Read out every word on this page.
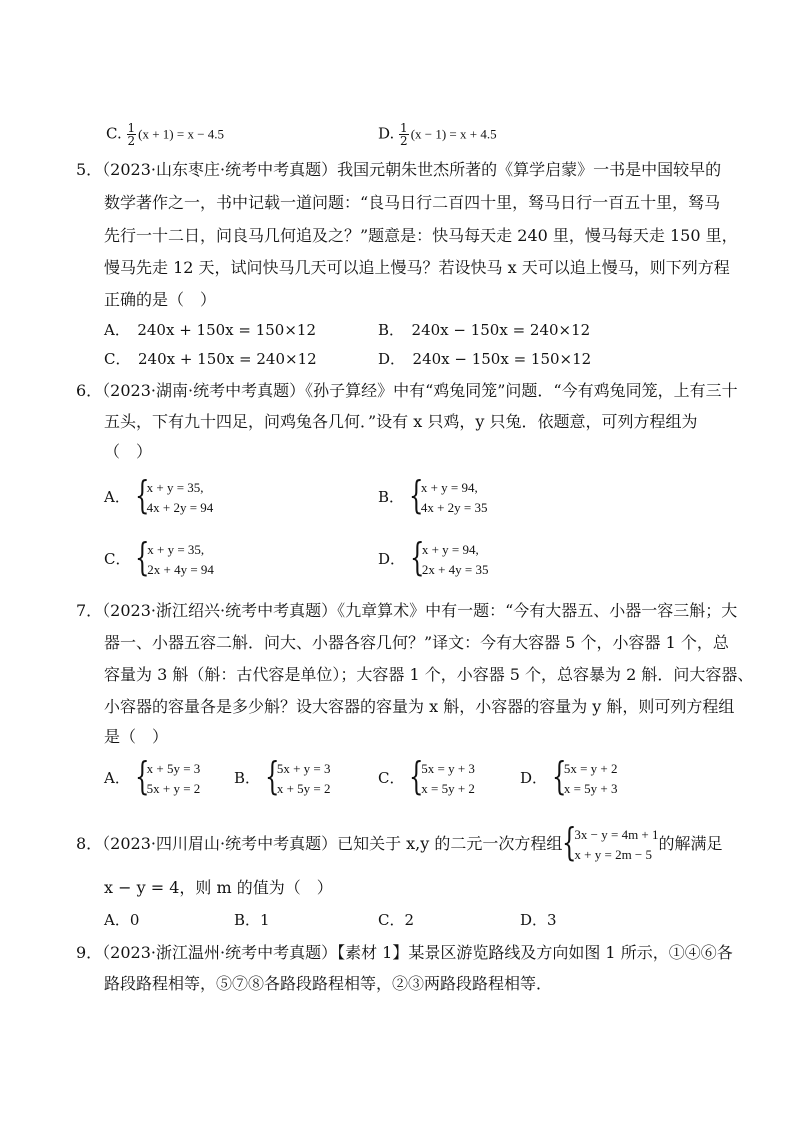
C. $\frac{1}{2} (x + 1) = x - 4.5$	D. $\frac{1}{2} (x - 1) = x + 4.5$
5．（2023·山东枣庄·统考中考真题）我国元朝朱世杰所著的《算学启蒙》一书是中国较早的
数学著作之一，书中记载一道问题：“良马日行二百四十里，驽马日行一百五十里，驽马
先行一十二日，问良马几何追及之？”题意是：快马每天走 240 里，慢马每天走 150 里，
慢马先走 12 天，试问快马几天可以追上慢马？若设快马 x 天可以追上慢马，则下列方程
正确的是（　）
A．　240x + 150x = 150×12	B．　240x − 150x = 240×12
C．　240x + 150x = 240×12	D．　240x − 150x = 150×12
6．（2023·湖南·统考中考真题）《孙子算经》中有“鸡兔同笼”问题．“今有鸡兔同笼，上有三十
五头，下有九十四足，问鸡兔各几何．”设有 x 只鸡，y 只兔．依题意，可列方程组为
（　）
A． {
x + y = 35,
4x + 2y = 94
B． {
x + y = 94,
4x + 2y = 35
C． {
x + y = 35,
2x + 4y = 94
D． {
x + y = 94,
2x + 4y = 35
7．（2023·浙江绍兴·统考中考真题）《九章算术》中有一题：“今有大器五、小器一容三斛；大
器一、小器五容二斛．问大、小器各容几何？”译文：今有大容器 5 个，小容器 1 个，总
容量为 3 斛（斛：古代容是单位）；大容器 1 个，小容器 5 个，总容暴为 2 斛．问大容器、
小容器的容量各是多少斛？设大容器的容量为 x 斛，小容器的容量为 y 斛，则可列方程组
是（　）
A． {
x + 5y = 3
5x + y = 2
B． {
5x + y = 3
x + 5y = 2
C． {
5x = y + 3
x = 5y + 2
D． {
5x = y + 2
x = 5y + 3
8．（2023·四川眉山·统考中考真题）已知关于 x,y 的二元一次方程组 {
3x − y = 4m + 1
x + y = 2m − 5
的解满足
x − y = 4，则 m 的值为（　）
A．0	B．1	C．2	D．3
9．（2023·浙江温州·统考中考真题）【素材 1】某景区游览路线及方向如图 1 所示，①④⑥各
路段路程相等，⑤⑦⑧各路段路程相等，②③两路段路程相等．
